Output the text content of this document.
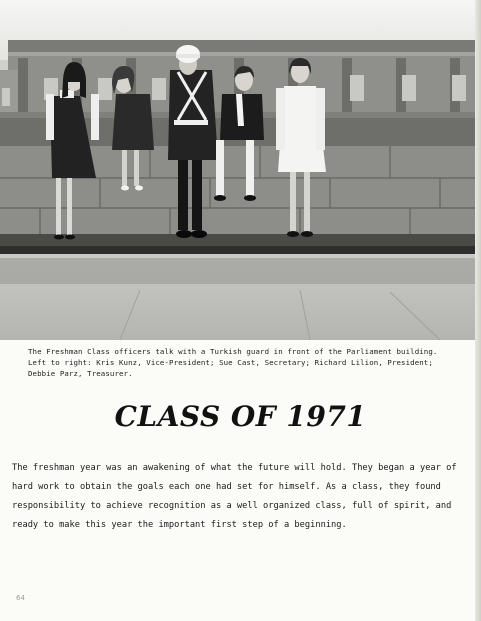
The Freshman Class officers talk with a Turkish guard in front of the Parliament building. Left to right: Kris Kunz, Vice-President; Sue Cast, Secretary; Richard Lilion, President; Debbie Parz, Treasurer.

CLASS OF 1971

The freshman year was an awakening of what the future will hold. They began a year of hard work to obtain the goals each one had set for himself. As a class, they found responsibility to achieve recognition as a well organized class, full of spirit, and ready to make this year the important first step of a beginning.

64
